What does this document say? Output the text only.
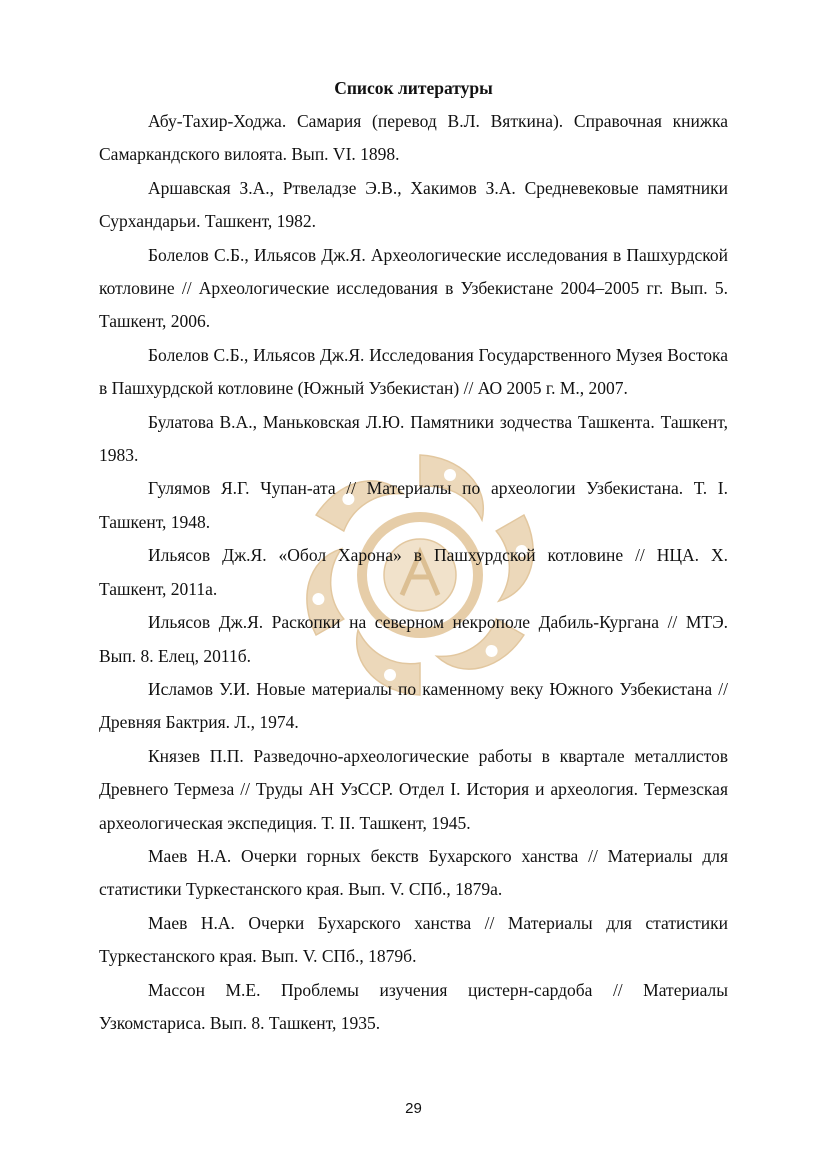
Список литературы

Абу-Тахир-Ходжа. Самария (перевод В.Л. Вяткина). Справочная книжка Самаркандского вилоята. Вып. VI. 1898.

Аршавская З.А., Ртвеладзе Э.В., Хакимов З.А. Средневековые памятники Сурхандарьи. Ташкент, 1982.

Болелов С.Б., Ильясов Дж.Я. Археологические исследования в Пашхурдской котловине // Археологические исследования в Узбекистане 2004–2005 гг. Вып. 5. Ташкент, 2006.

Болелов С.Б., Ильясов Дж.Я. Исследования Государственного Музея Востока в Пашхурдской котловине (Южный Узбекистан) // АО 2005 г. М., 2007.

Булатова В.А., Маньковская Л.Ю. Памятники зодчества Ташкента. Ташкент, 1983.

Гулямов Я.Г. Чупан-ата // Материалы по археологии Узбекистана. Т. I. Ташкент, 1948.

Ильясов Дж.Я. «Обол Харона» в Пашхурдской котловине // НЦА. Х. Ташкент, 2011а.

Ильясов Дж.Я. Раскопки на северном некрополе Дабиль-Кургана // МТЭ. Вып. 8. Елец, 2011б.

Исламов У.И. Новые материалы по каменному веку Южного Узбекистана // Древняя Бактрия. Л., 1974.

Князев П.П. Разведочно-археологические работы в квартале металлистов Древнего Термеза // Труды АН УзССР. Отдел I. История и археология. Термезская археологическая экспедиция. Т. II. Ташкент, 1945.

Маев Н.А. Очерки горных бекств Бухарского ханства // Материалы для статистики Туркестанского края. Вып. V. СПб., 1879а.

Маев Н.А. Очерки Бухарского ханства // Материалы для статистики Туркестанского края. Вып. V. СПб., 1879б.

Массон М.Е. Проблемы изучения цистерн-сардоба // Материалы Узкомстариса. Вып. 8. Ташкент, 1935.

29
